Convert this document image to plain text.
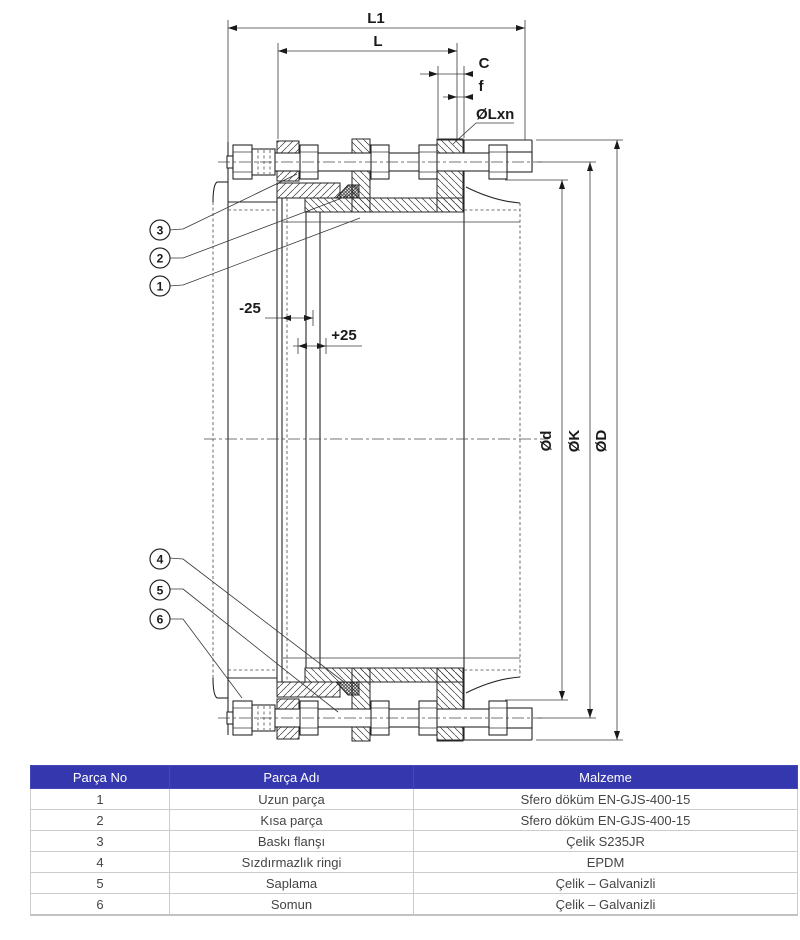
L1
L
C
f
ØLxn
-25
+25
Ød ØK ØD
3
2
1
4
5
6
Parça No	Parça Adı	Malzeme
1	Uzun parça	Sfero döküm EN-GJS-400-15
2	Kısa parça	Sfero döküm EN-GJS-400-15
3	Baskı flanşı	Çelik S235JR
4	Sızdırmazlık ringi	EPDM
5	Saplama	Çelik – Galvanizli
6	Somun	Çelik – Galvanizli
